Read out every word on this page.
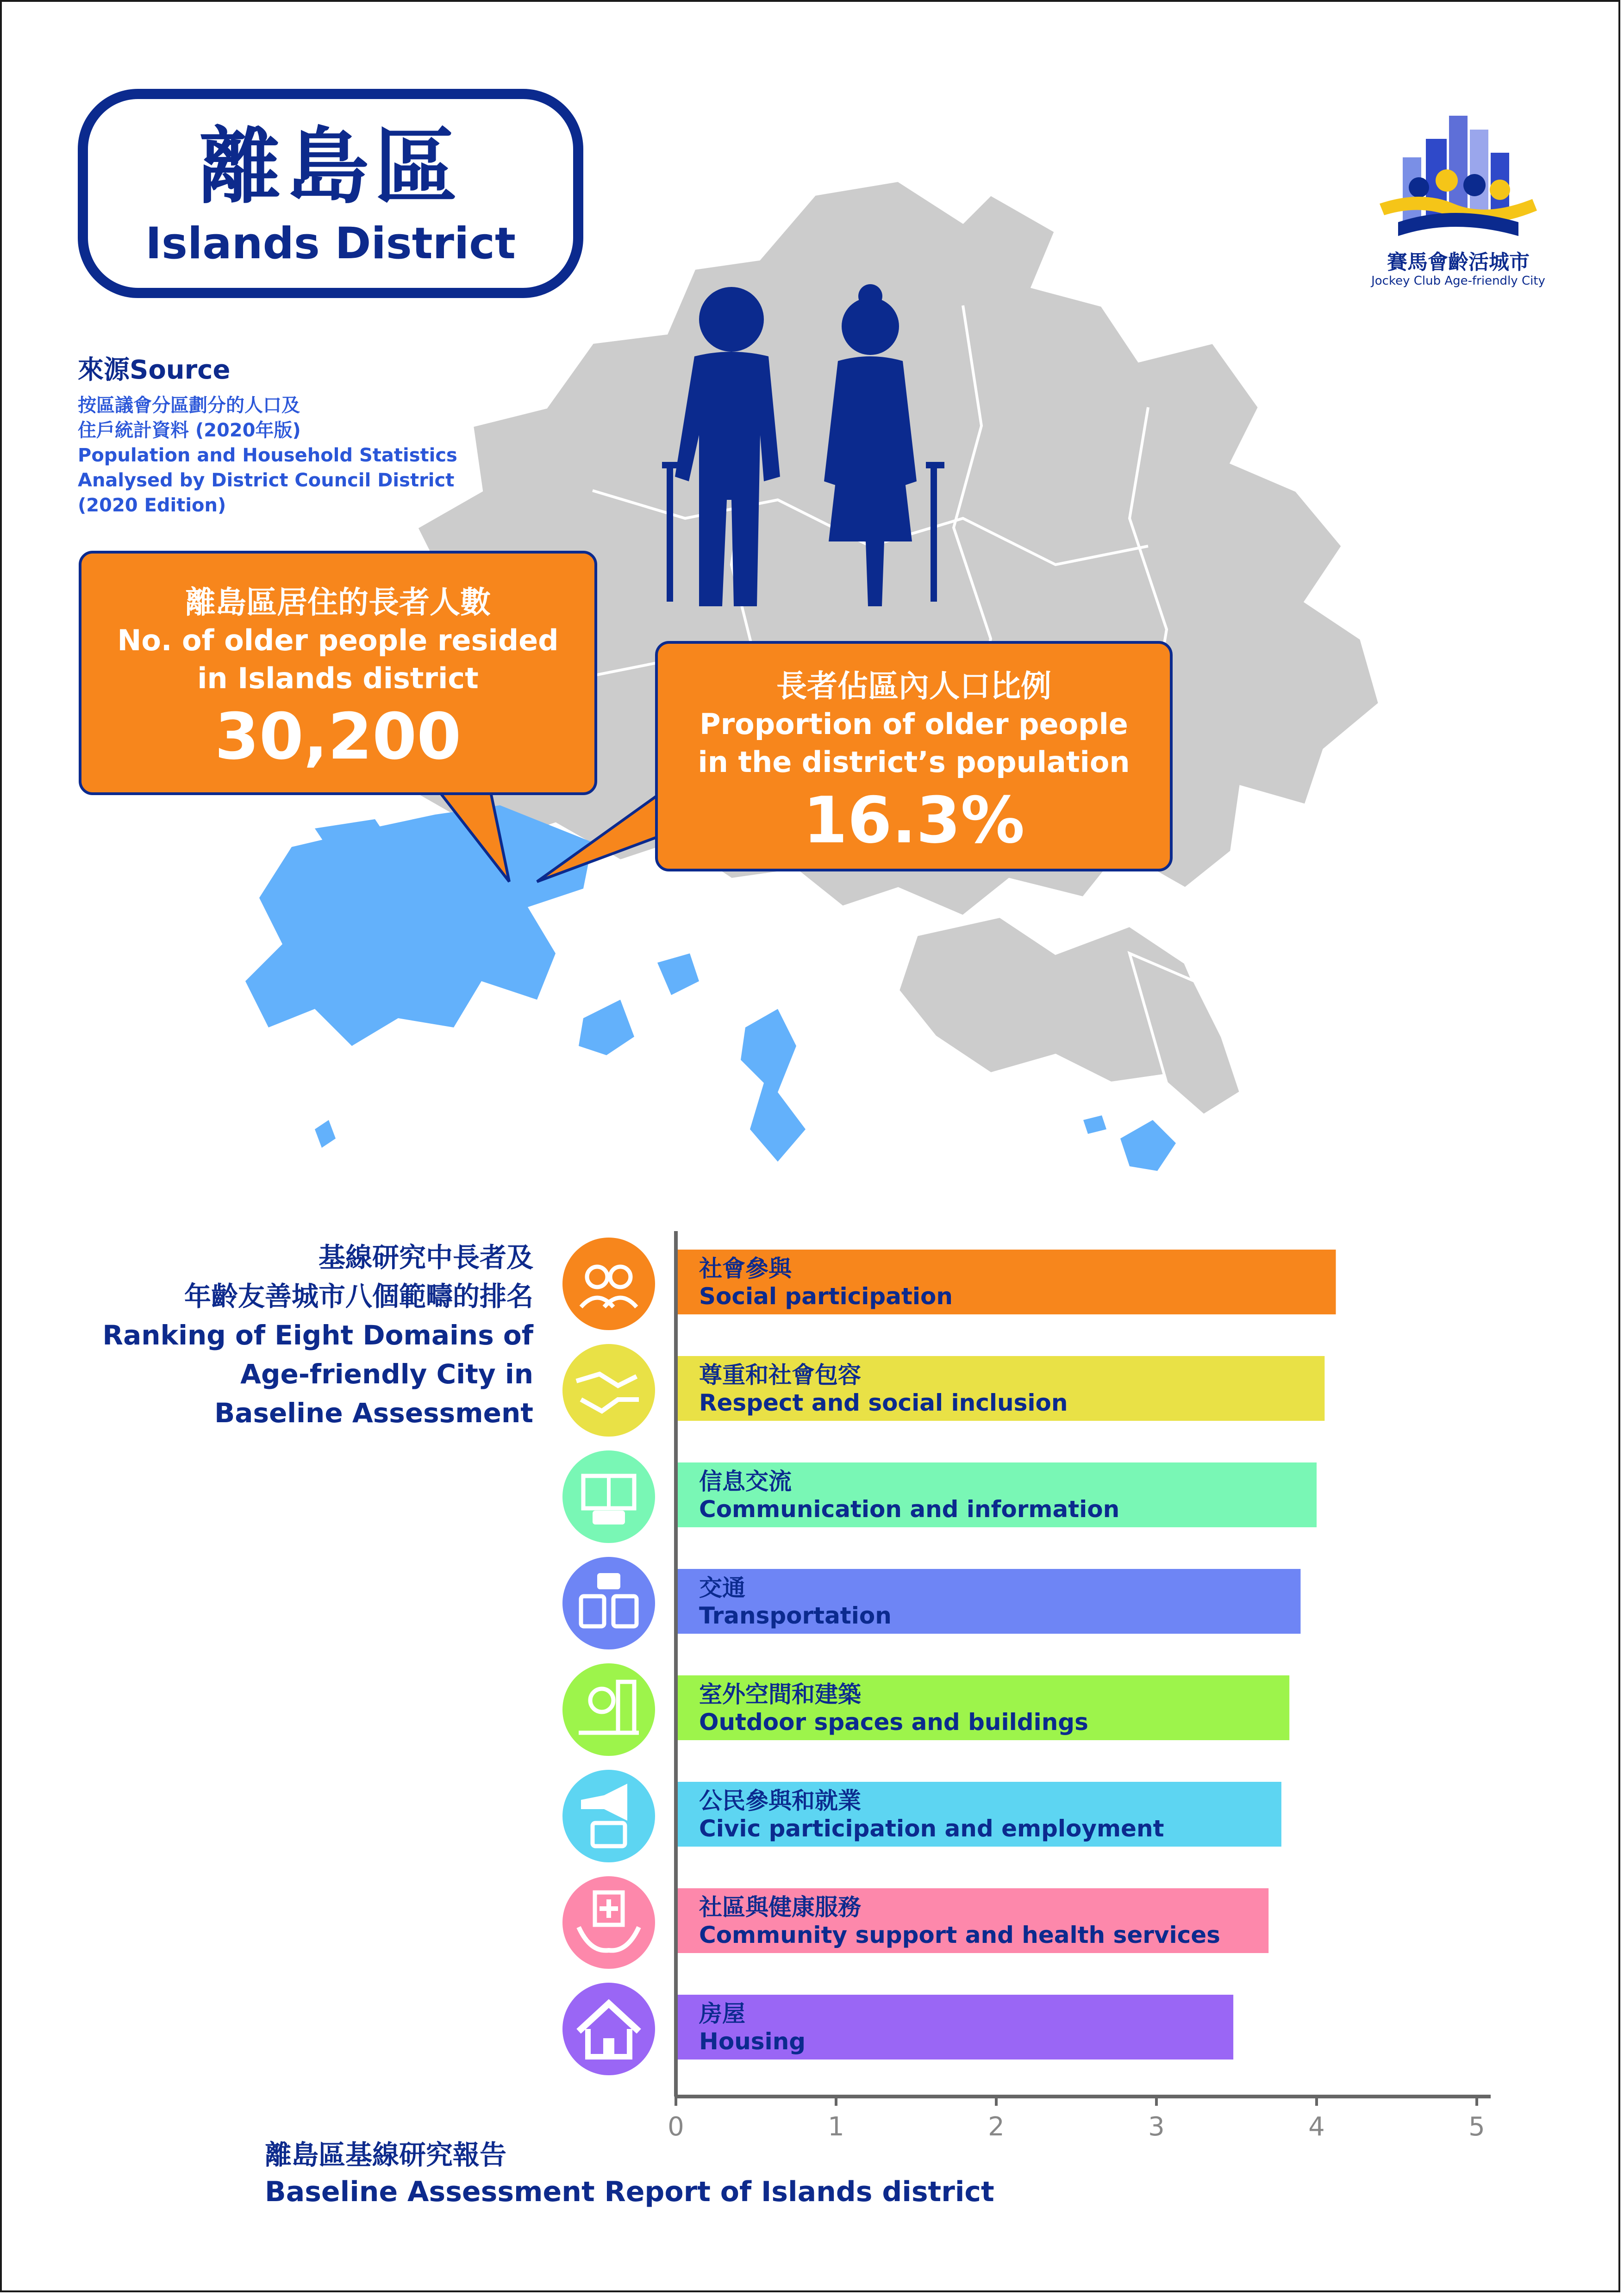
離島區
Islands District
來源Source
按區議會分區劃分的人口及
住戶統計資料 (2020年版)
Population and Household Statistics
Analysed by District Council District
(2020 Edition)
賽馬會齡活城市
Jockey Club Age-friendly City
離島區居住的長者人數
No. of older people resided
in Islands district
30,200
長者佔區內人口比例
Proportion of older people
in the district’s population
16.3%
基線研究中長者及
年齡友善城市八個範疇的排名
Ranking of Eight Domains of
Age-friendly City in
Baseline Assessment
社會參與
Social participation
尊重和社會包容
Respect and social inclusion
信息交流
Communication and information
交通
Transportation
室外空間和建築
Outdoor spaces and buildings
公民參與和就業
Civic participation and employment
社區與健康服務
Community support and health services
房屋
Housing
0	1	2	3	4	5
離島區基線研究報告
Baseline Assessment Report of Islands district
